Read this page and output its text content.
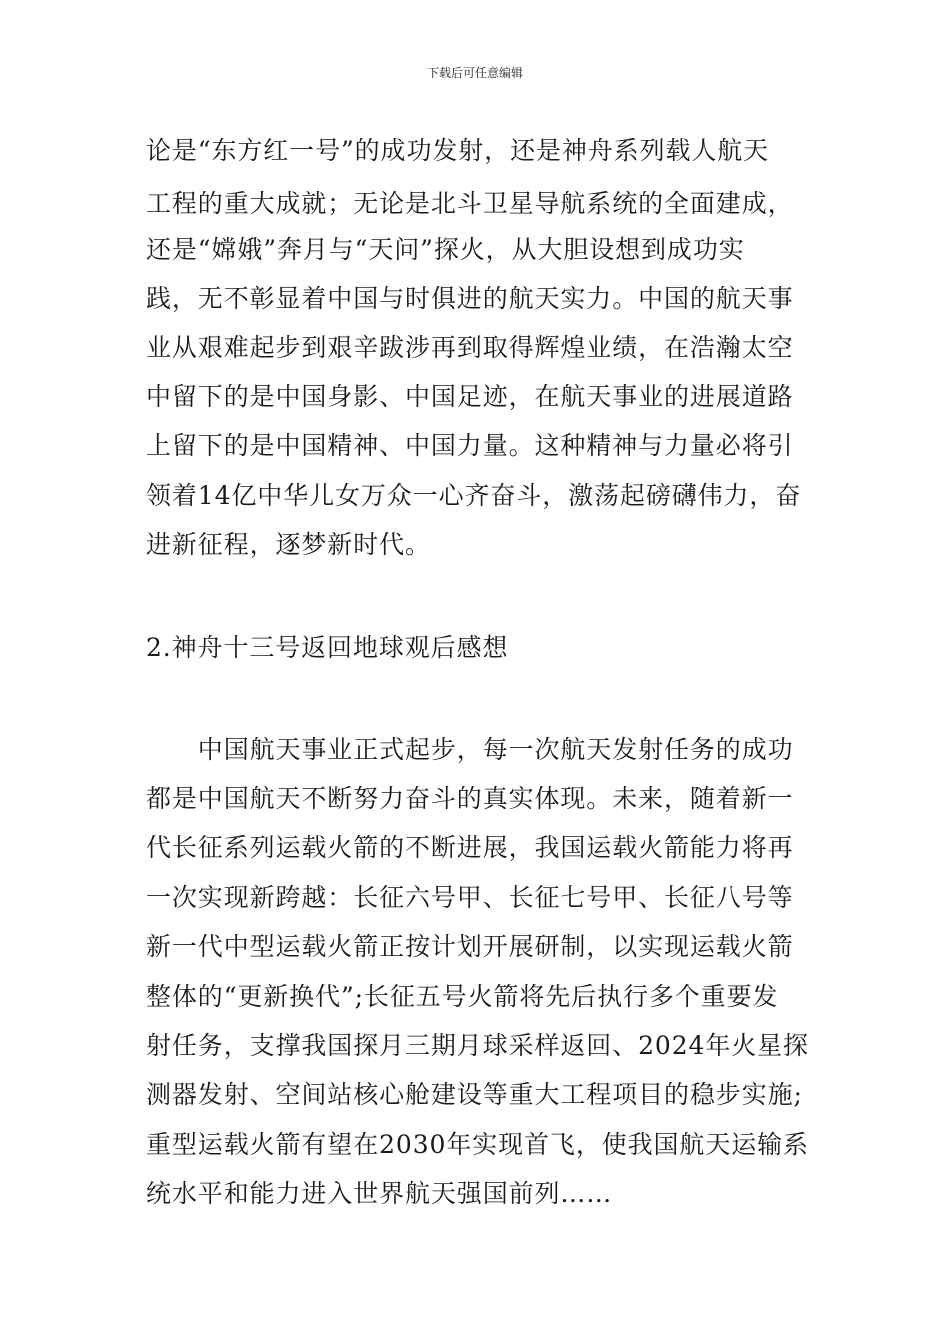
下载后可任意编辑
论是“东方红一号”的成功发射，还是神舟系列载人航天
工程的重大成就；无论是北斗卫星导航系统的全面建成，
还是“嫦娥”奔月与“天问”探火，从大胆设想到成功实
践，无不彰显着中国与时俱进的航天实力。中国的航天事
业从艰难起步到艰辛跋涉再到取得辉煌业绩，在浩瀚太空
中留下的是中国身影、中国足迹，在航天事业的进展道路
上留下的是中国精神、中国力量。这种精神与力量必将引
领着14亿中华儿女万众一心齐奋斗，激荡起磅礴伟力，奋
进新征程，逐梦新时代。
2.神舟十三号返回地球观后感想
　　中国航天事业正式起步，每一次航天发射任务的成功
都是中国航天不断努力奋斗的真实体现。未来，随着新一
代长征系列运载火箭的不断进展，我国运载火箭能力将再
一次实现新跨越：长征六号甲、长征七号甲、长征八号等
新一代中型运载火箭正按计划开展研制，以实现运载火箭
整体的“更新换代”;长征五号火箭将先后执行多个重要发
射任务，支撑我国探月三期月球采样返回、2024年火星探
测器发射、空间站核心舱建设等重大工程项目的稳步实施;
重型运载火箭有望在2030年实现首飞，使我国航天运输系
统水平和能力进入世界航天强国前列……
